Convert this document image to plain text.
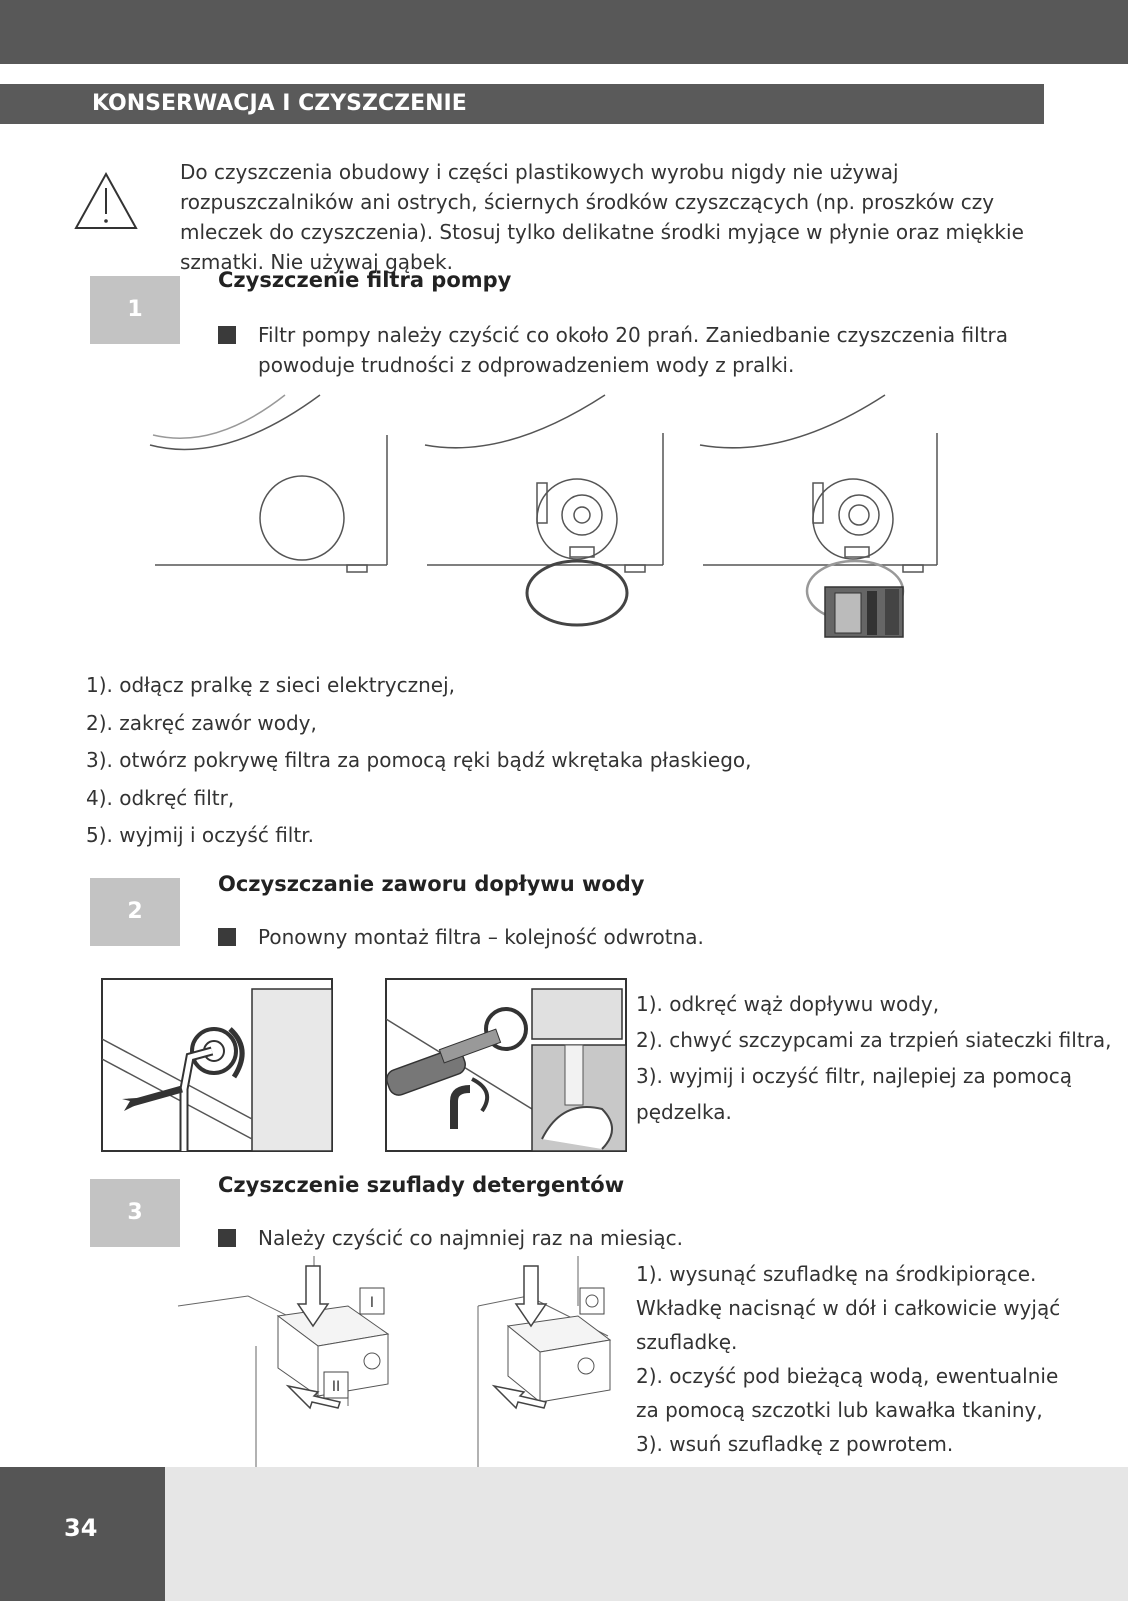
KONSERWACJA I CZYSZCZENIE
Do czyszczenia obudowy i części plastikowych wyrobu nigdy nie używaj rozpuszczalników ani ostrych, ściernych środków czyszczących (np. proszków czy mleczek do czyszczenia). Stosuj tylko delikatne środki myjące w płynie oraz miękkie szmatki. Nie używaj gąbek.
1
Czyszczenie filtra pompy
Filtr pompy należy czyścić co około 20 prań. Zaniedbanie czyszczenia filtra powoduje trudności z odprowadzeniem wody z pralki.
1). odłącz pralkę z sieci elektrycznej,
2). zakręć zawór wody,
3). otwórz pokrywę filtra za pomocą ręki bądź wkrętaka płaskiego,
4). odkręć filtr,
5). wyjmij i oczyść filtr.
2
Oczyszczanie zaworu dopływu wody
Ponowny montaż filtra – kolejność odwrotna.
1). odkręć wąż dopływu wody,
2). chwyć szczypcami za trzpień siateczki filtra,
3). wyjmij i oczyść filtr, najlepiej za pomocą
pędzelka.
3
Czyszczenie szuflady detergentów
Należy czyścić co najmniej raz na miesiąc.
I
II
1). wysunąć szufladkę na środkipiorące.
Wkładkę nacisnąć w dół i całkowicie wyjąć
szufladkę.
2). oczyść pod bieżącą wodą, ewentualnie
za pomocą szczotki lub kawałka tkaniny,
3). wsuń szufladkę z powrotem.
34
